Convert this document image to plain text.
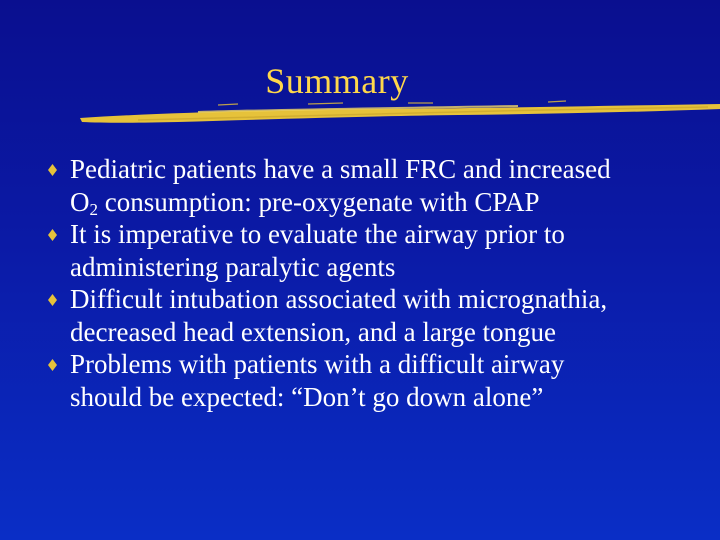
Summary
Pediatric patients have a small FRC and increased
$O_2$ consumption: pre-oxygenate with CPAP
It is imperative to evaluate the airway prior to
administering paralytic agents
Difficult intubation associated with micrognathia,
decreased head extension, and a large tongue
Problems with patients with a difficult airway
should be expected: “Don’t go down alone”
